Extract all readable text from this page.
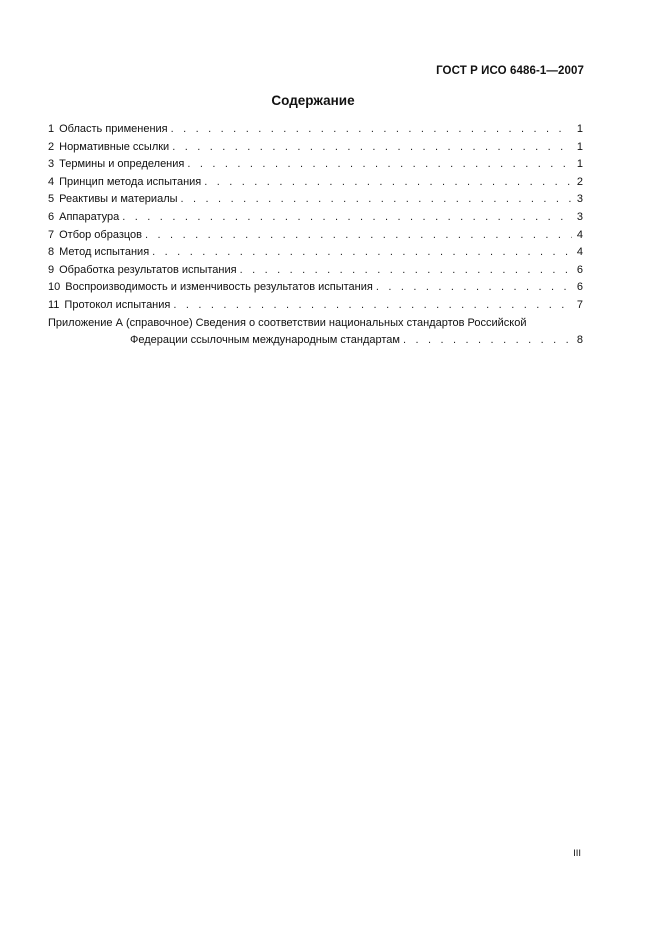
ГОСТ Р ИСО 6486-1—2007
Содержание
1 Область применения . . .	1
2 Нормативные ссылки . . .	1
3 Термины и определения . . .	1
4 Принцип метода испытания . . .	2
5 Реактивы и материалы . . .	3
6 Аппаратура . . .	3
7 Отбор образцов . . .	4
8 Метод испытания . . .	4
9 Обработка результатов испытания . . .	6
10 Воспроизводимость и изменчивость результатов испытания . . .	6
11 Протокол испытания . . .	7
Приложение А (справочное) Сведения о соответствии национальных стандартов Российской
Федерации ссылочным международным стандартам . . .	8
III
